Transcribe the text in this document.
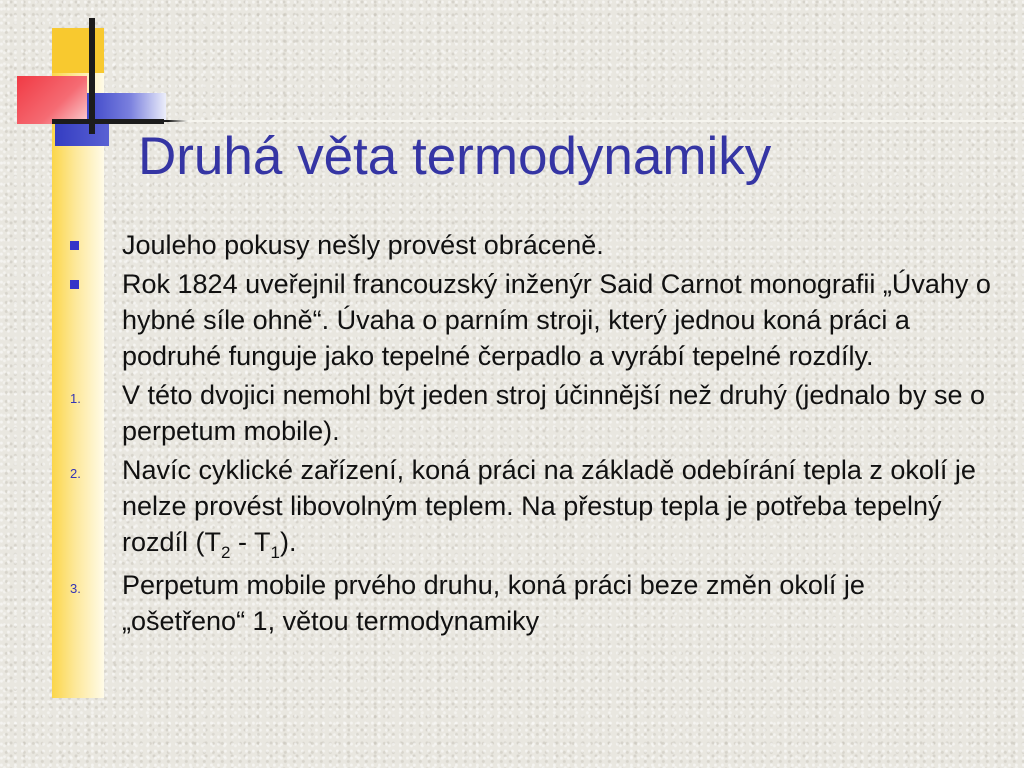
Druhá věta termodynamiky
Jouleho pokusy nešly provést obráceně.
Rok 1824 uveřejnil francouzský inženýr Said Carnot monografii „Úvahy o hybné síle ohně“. Úvaha o parním stroji, který jednou koná práci a podruhé funguje jako tepelné čerpadlo a vyrábí tepelné rozdíly.
1.	V této dvojici nemohl být jeden stroj účinnější než druhý (jednalo by se o perpetum mobile).
2.	Navíc cyklické zařízení, koná práci na základě odebírání tepla z okolí je nelze provést libovolným teplem. Na přestup tepla je potřeba tepelný rozdíl $(T_2 - T_1)$.
3.	Perpetum mobile prvého druhu, koná práci beze změn okolí je „ošetřeno“ 1, větou termodynamiky
